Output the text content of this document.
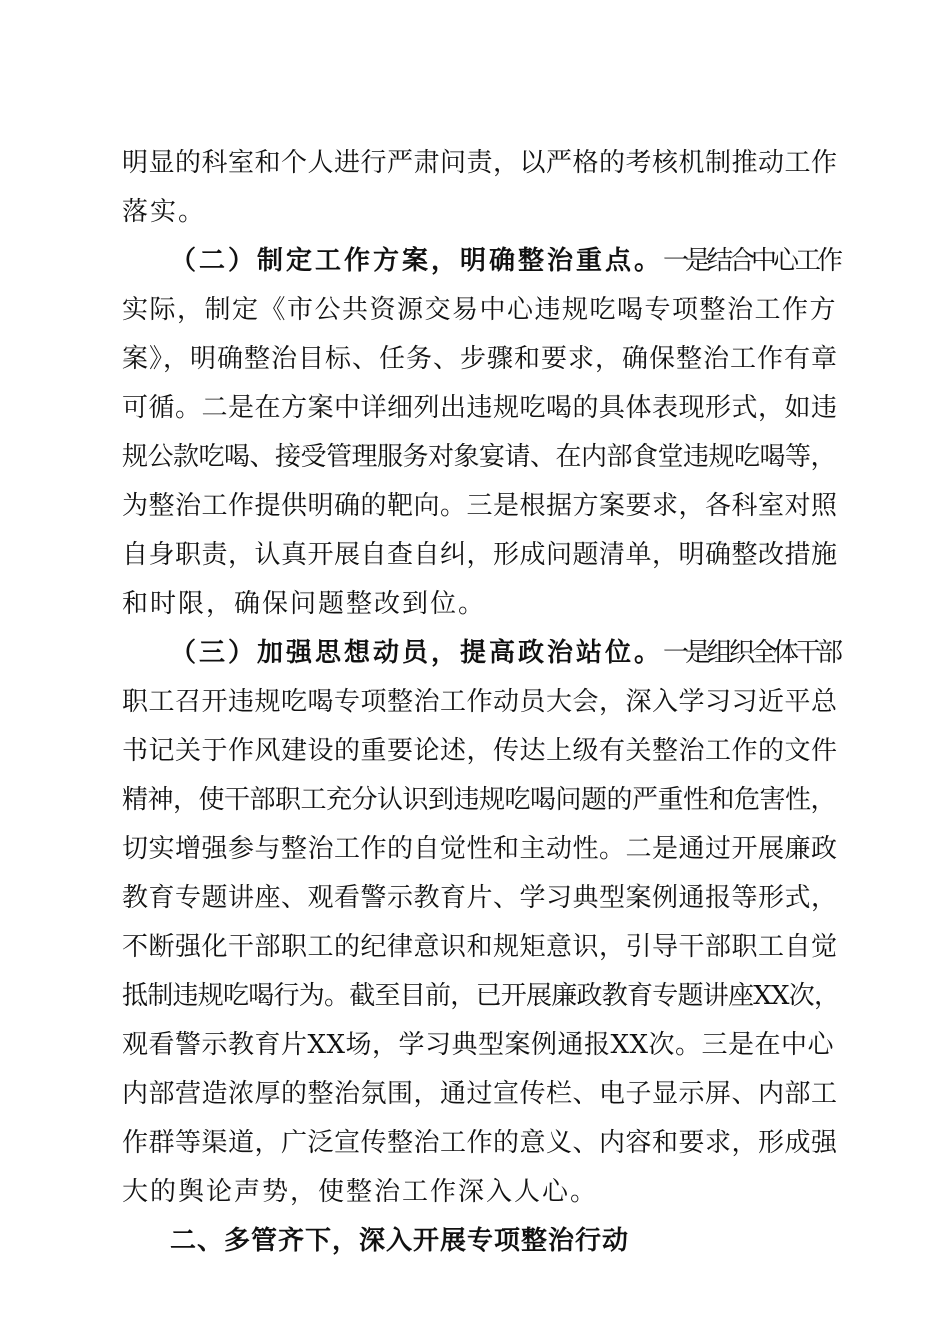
明显的科室和个人进行严肃问责，以严格的考核机制推动工作
落实。
（二）制定工作方案，明确整治重点。一是结合中心工作
实际，制定《市公共资源交易中心违规吃喝专项整治工作方
案》，明确整治目标、任务、步骤和要求，确保整治工作有章
可循。二是在方案中详细列出违规吃喝的具体表现形式，如违
规公款吃喝、接受管理服务对象宴请、在内部食堂违规吃喝等，
为整治工作提供明确的靶向。三是根据方案要求，各科室对照
自身职责，认真开展自查自纠，形成问题清单，明确整改措施
和时限，确保问题整改到位。
（三）加强思想动员，提高政治站位。一是组织全体干部
职工召开违规吃喝专项整治工作动员大会，深入学习习近平总
书记关于作风建设的重要论述，传达上级有关整治工作的文件
精神，使干部职工充分认识到违规吃喝问题的严重性和危害性，
切实增强参与整治工作的自觉性和主动性。二是通过开展廉政
教育专题讲座、观看警示教育片、学习典型案例通报等形式，
不断强化干部职工的纪律意识和规矩意识，引导干部职工自觉
抵制违规吃喝行为。截至目前，已开展廉政教育专题讲座XX次，
观看警示教育片XX场，学习典型案例通报XX次。三是在中心
内部营造浓厚的整治氛围，通过宣传栏、电子显示屏、内部工
作群等渠道，广泛宣传整治工作的意义、内容和要求，形成强
大的舆论声势，使整治工作深入人心。
二、多管齐下，深入开展专项整治行动
